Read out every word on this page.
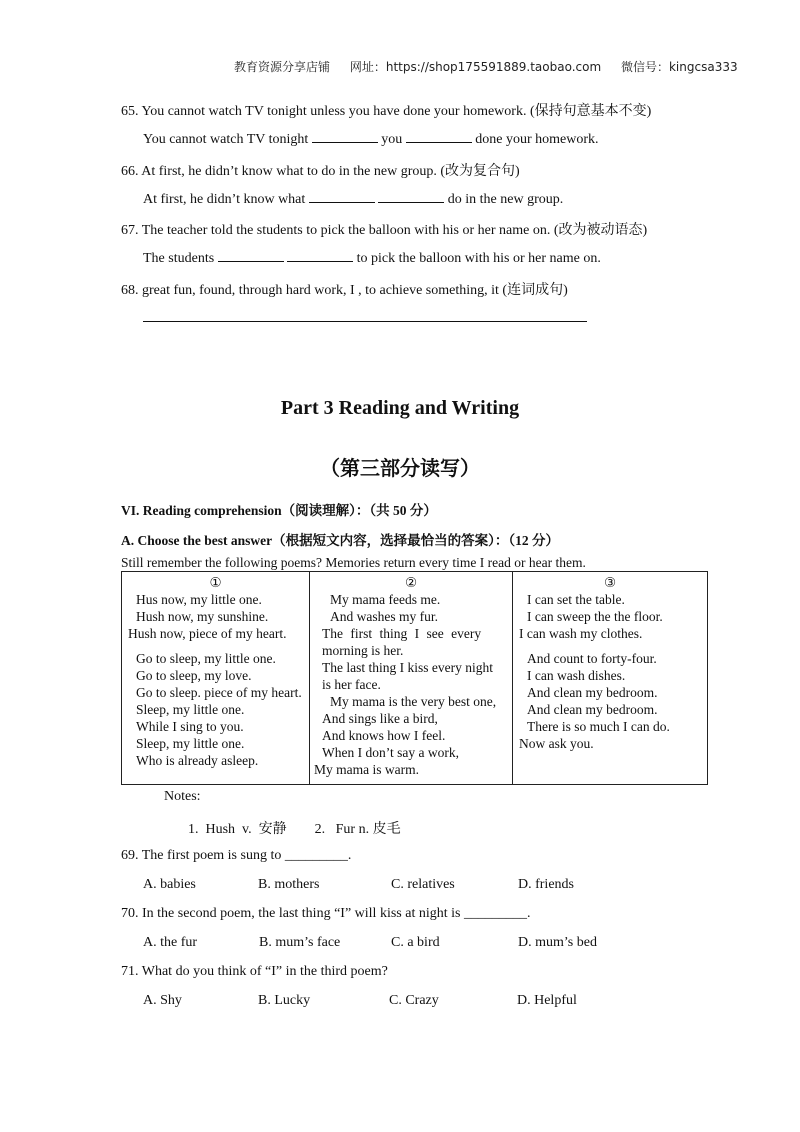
教育资源分享店铺 网址：https://shop175591889.taobao.com 微信号：kingcsa333
65. You cannot watch TV tonight unless you have done your homework. (保持句意基本不变)
You cannot watch TV tonight	you	done your homework.
66. At first, he didn’t know what to do in the new group. (改为复合句)
At first, he didn’t know what	do in the new group.
67. The teacher told the students to pick the balloon with his or her name on. (改为被动语态)
The students	to pick the balloon with his or her name on.
68. great fun, found, through hard work, I , to achieve something, it (连词成句)
Part 3 Reading and Writing
（第三部分读写）
VI. Reading comprehension（阅读理解）：（共 50 分）
A. Choose the best answer（根据短文内容，选择最恰当的答案）：（12 分）
Still remember the following poems? Memories return every time I read or hear them.
①
Hus now, my little one.
Hush now, my sunshine.
Hush now, piece of my heart.
Go to sleep, my little one.
Go to sleep, my love.
Go to sleep. piece of my heart.
Sleep, my little one.
While I sing to you.
Sleep, my little one.
Who is already asleep.

②
My mama feeds me.
And washes my fur.
The first thing I see every
morning is her.
The last thing I kiss every night
is her face.
My mama is the very best one,
And sings like a bird,
And knows how I feel.
When I don’t say a work,
My mama is warm.

③
I can set the table.
I can sweep the the floor.
I can wash my clothes.
And count to forty-four.
I can wash dishes.
And clean my bedroom.
And clean my bedroom.
There is so much I can do.
Now ask you.
Notes:
1.  Hush  v.  安静        2.   Fur n. 皮毛
69. The first poem is sung to _________.
A. babies	B. mothers	C. relatives	D. friends
70. In the second poem, the last thing “I” will kiss at night is _________.
A. the fur	B. mum’s face	C. a bird	D. mum’s bed
71. What do you think of “I” in the third poem?
A. Shy	B. Lucky	C. Crazy	D. Helpful
